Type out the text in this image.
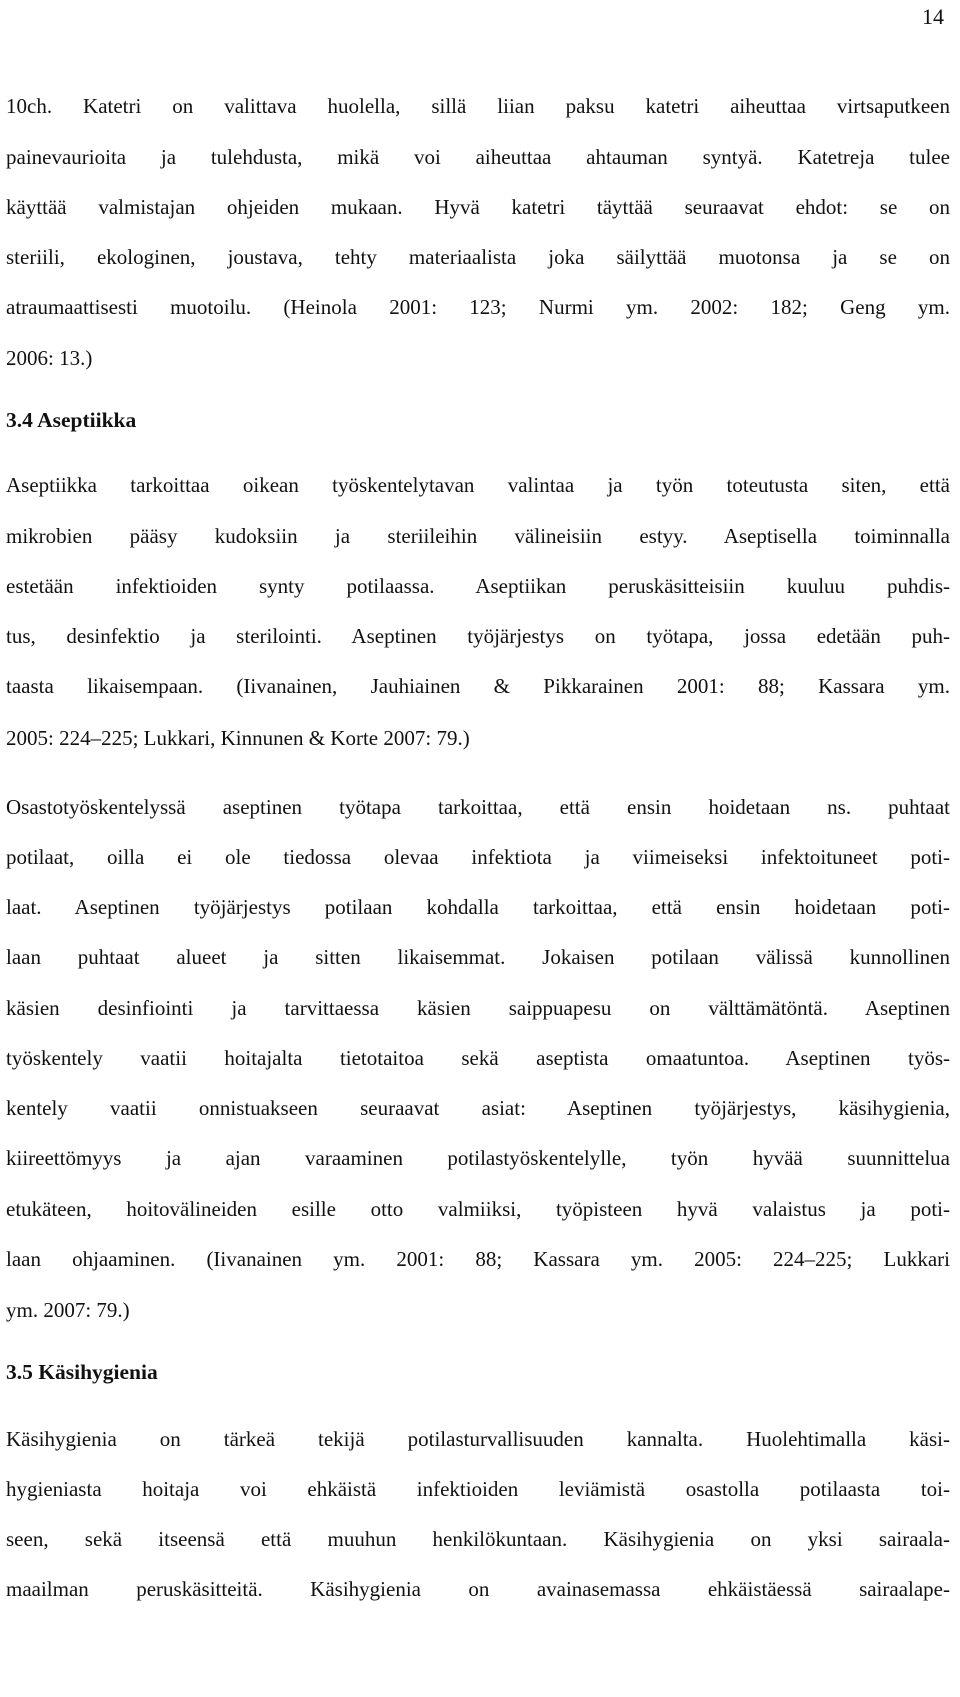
14
10ch. Katetri on valittava huolella, sillä liian paksu katetri aiheuttaa virtsaputkeen
painevaurioita ja tulehdusta, mikä voi aiheuttaa ahtauman syntyä. Katetreja tulee
käyttää valmistajan ohjeiden mukaan. Hyvä katetri täyttää seuraavat ehdot: se on
steriili, ekologinen, joustava, tehty materiaalista joka säilyttää muotonsa ja se on
atraumaattisesti muotoilu. (Heinola 2001: 123; Nurmi ym. 2002: 182; Geng ym.
2006: 13.)
3.4 Aseptiikka
Aseptiikka tarkoittaa oikean työskentelytavan valintaa ja työn toteutusta siten, että
mikrobien pääsy kudoksiin ja steriileihin välineisiin estyy. Aseptisella toiminnalla
estetään infektioiden synty potilaassa. Aseptiikan peruskäsitteisiin kuuluu puhdis-
tus, desinfektio ja sterilointi. Aseptinen työjärjestys on työtapa, jossa edetään puh-
taasta likaisempaan. (Iivanainen, Jauhiainen & Pikkarainen 2001: 88; Kassara ym.
2005: 224–225; Lukkari, Kinnunen & Korte 2007: 79.)
Osastotyöskentelyssä aseptinen työtapa tarkoittaa, että ensin hoidetaan ns. puhtaat
potilaat, oilla ei ole tiedossa olevaa infektiota ja viimeiseksi infektoituneet poti-
laat. Aseptinen työjärjestys potilaan kohdalla tarkoittaa, että ensin hoidetaan poti-
laan puhtaat alueet ja sitten likaisemmat. Jokaisen potilaan välissä kunnollinen
käsien desinfiointi ja tarvittaessa käsien saippuapesu on välttämätöntä. Aseptinen
työskentely vaatii hoitajalta tietotaitoa sekä aseptista omaatuntoa. Aseptinen työs-
kentely vaatii onnistuakseen seuraavat asiat: Aseptinen työjärjestys, käsihygienia,
kiireettömyys ja ajan varaaminen potilastyöskentelylle, työn hyvää suunnittelua
etukäteen, hoitovälineiden esille otto valmiiksi, työpisteen hyvä valaistus ja poti-
laan ohjaaminen. (Iivanainen ym. 2001: 88; Kassara ym. 2005: 224–225; Lukkari
ym. 2007: 79.)
3.5 Käsihygienia
Käsihygienia on tärkeä tekijä potilasturvallisuuden kannalta. Huolehtimalla käsi-
hygieniasta hoitaja voi ehkäistä infektioiden leviämistä osastolla potilaasta toi-
seen, sekä itseensä että muuhun henkilökuntaan. Käsihygienia on yksi sairaala-
maailman peruskäsitteitä. Käsihygienia on avainasemassa ehkäistäessä sairaalape-
